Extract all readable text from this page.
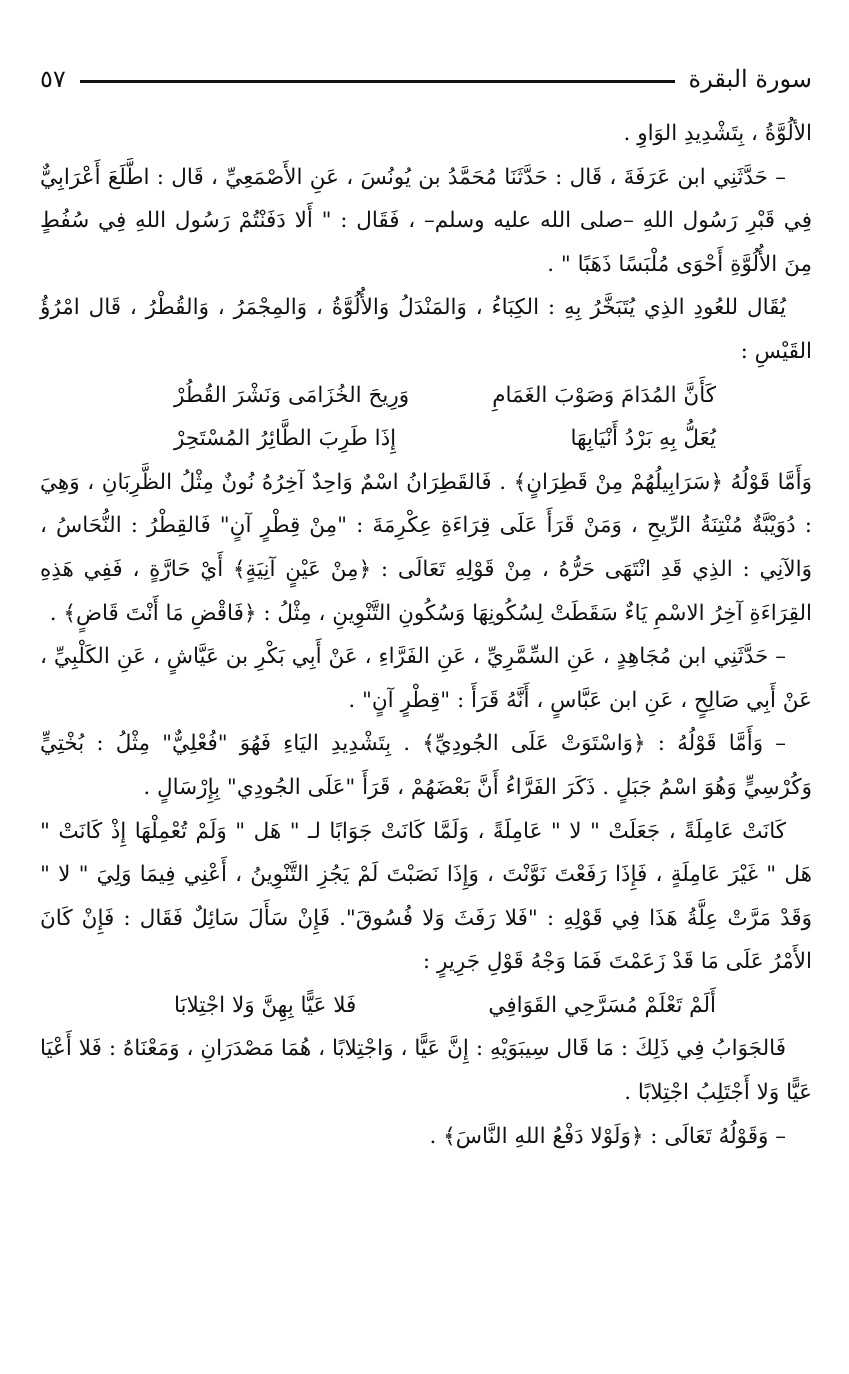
سورة البقرة
٥٧

الألُوَّةُ ، بِتَشْدِيدِ الوَاوِ .

– حَدَّثَنِي ابن عَرَفَةَ ، قَال : حَدَّثَنَا مُحَمَّدُ بن يُونُسَ ، عَنِ الأَصْمَعِيِّ ، قَال : اطَّلَعَ أَعْرَابِيٌّ فِي قَبْرِ رَسُول اللهِ –صلى الله عليه وسلم– ، فَقَال : " أَلا دَفَنْتُمْ رَسُول اللهِ فِي سُفُطٍ مِنَ الأُلُوَّةِ أَحْوَى مُلْبَسًا ذَهَبًا " .

يُقَال للعُودِ الذِي يُتَبَخَّرُ بِهِ : الكِبَاءُ ، وَالمَنْدَلُ وَالأُلُوَّةُ ، وَالمِجْمَرُ ، وَالقُطْرُ ، قَال امْرُؤُ القَيْسِ :

كَأَنَّ المُدَامَ وَصَوْبَ الغَمَامِ
وَرِيحَ الخُزَامَى وَنَشْرَ القُطُرْ
يُعَلُّ بِهِ بَرْدُ أَنْيَابِهَا
إِذَا طَرِبَ الطَّائِرُ المُسْتَحِرْ

وَأَمَّا قَوْلُهُ ﴿سَرَابِيلُهُمْ مِنْ قَطِرَانٍ﴾ . فَالقَطِرَانُ اسْمٌ وَاحِدٌ آخِرُهُ نُونٌ مِثْلُ الظَّرِبَانِ ، وَهِيَ : دُوَيْبَّةٌ مُنْتِنَةُ الرِّيحِ ، وَمَنْ قَرَأَ عَلَى قِرَاءَةِ عِكْرِمَةَ : "مِنْ قِطْرٍ آنٍ" فَالقِطْرُ : النُّحَاسُ ، وَالآنِي : الذِي قَدِ انْتَهَى حَرُّهُ ، مِنْ قَوْلِهِ تَعَالَى : ﴿مِنْ عَيْنٍ آنِيَةٍ﴾ أَيْ حَارَّةٍ ، فَفِي هَذِهِ القِرَاءَةِ آخِرُ الاسْمِ يَاءٌ سَقَطَتْ لِسُكُونِهَا وَسُكُونِ التَّنْوِينِ ، مِثْلُ : ﴿فَاقْضِ مَا أَنْتَ قَاضٍ﴾ .

– حَدَّثَنِي ابن مُجَاهِدٍ ، عَنِ السِّمَّرِيِّ ، عَنِ الفَرَّاءِ ، عَنْ أَبِي بَكْرِ بن عَيَّاشٍ ، عَنِ الكَلْبِيِّ ، عَنْ أَبِي صَالِحٍ ، عَنِ ابن عَبَّاسٍ ، أَنَّهُ قَرَأَ : "قِطْرٍ آنٍ" .

– وَأَمَّا قَوْلُهُ : ﴿وَاسْتَوَتْ عَلَى الجُودِيِّ﴾ . بِتَشْدِيدِ اليَاءِ فَهُوَ "فُعْلِيٌّ" مِثْلُ : بُخْتِيٍّ وَكُرْسِيٍّ وَهُوَ اسْمُ جَبَلٍ . ذَكَرَ الفَرَّاءُ أَنَّ بَعْضَهُمْ ، قَرَأَ "عَلَى الجُودِي" بِإِرْسَالٍ .

كَانَتْ عَامِلَةً ، جَعَلَتْ " لا " عَامِلَةً ، وَلَمَّا كَانَتْ جَوَابًا لـ " هَل " وَلَمْ تُعْمِلْهَا إِذْ كَانَتْ " هَل " غَيْرَ عَامِلَةٍ ، فَإِذَا رَفَعْتَ نَوَّنْتَ ، وَإِذَا نَصَبْتَ لَمْ يَجُزِ التَّنْوِينُ ، أَعْنِي فِيمَا وَلِيَ " لا " وَقَدْ مَرَّتْ عِلَّةُ هَذَا فِي قَوْلِهِ : "فَلا رَفَثَ وَلا فُسُوقَ". فَإِنْ سَأَلَ سَائِلٌ فَقَال : فَإِنْ كَانَ الأَمْرُ عَلَى مَا قَدْ زَعَمْتَ فَمَا وَجْهُ قَوْلِ جَرِيرٍ :

أَلَمْ تَعْلَمْ مُسَرَّحِي القَوَافِي
فَلا عَيًّا بِهِنَّ وَلا اجْتِلابَا

فَالجَوَابُ فِي ذَلِكَ : مَا قَال سِيبَوَيْهِ : إِنَّ عَيًّا ، وَاجْتِلابًا ، هُمَا مَصْدَرَانِ ، وَمَعْنَاهُ : فَلا أَعْيَا عَيًّا وَلا أَجْتَلِبُ اجْتِلابًا .

– وَقَوْلُهُ تَعَالَى : ﴿وَلَوْلا دَفْعُ اللهِ النَّاسَ﴾ .
